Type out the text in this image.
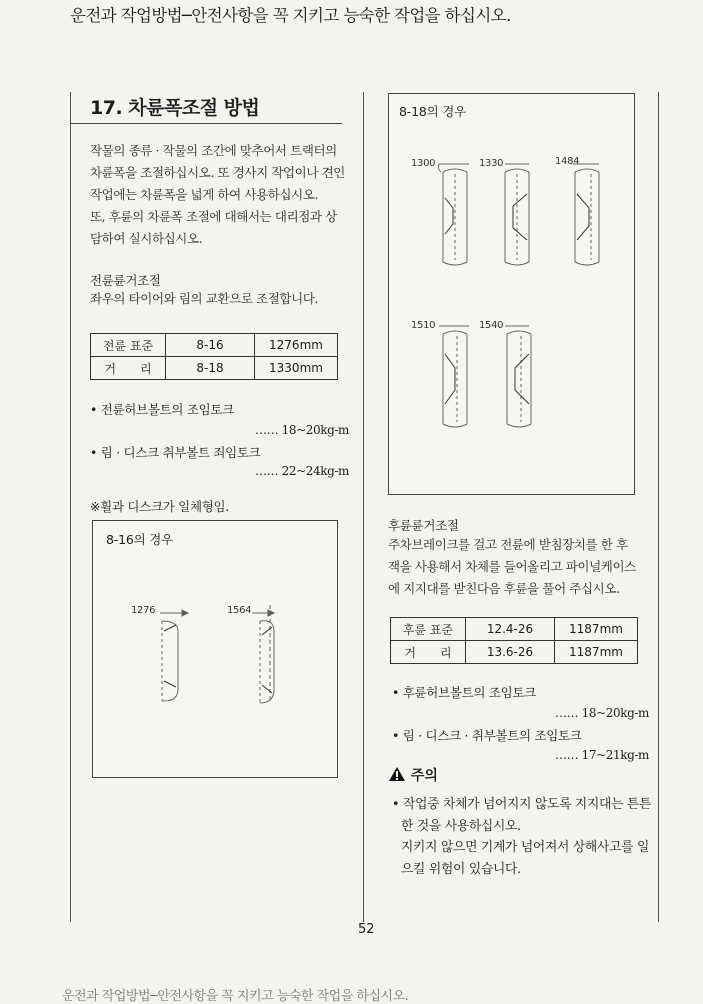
운전과 작업방법─안전사항을 꼭 지키고 능숙한 작업을 하십시오.
운전과 작업방법─안전사항을 꼭 지키고 능숙한 작업을 하십시오.
17. 차륜폭조절 방법
작물의 종류 · 작물의 조간에 맞추어서 트랙터의
차륜폭을 조절하십시오. 또 경사지 작업이나 견인
작업에는 차륜폭을 넓게 하여 사용하십시오.
또, 후륜의 차륜폭 조절에 대해서는 대리점과 상
담하여 실시하십시오.
전륜륜거조절
좌우의 타이어와 림의 교환으로 조절합니다.
전륜 표준	8-16	1276mm
거　　리	8-18	1330mm
• 전륜허브볼트의 조임토크
…… 18~20kg-m
• 림 · 디스크 취부볼트 죄임토크
…… 22~24kg-m
※휠과 디스크가 일체형임.
8-16의 경우
1276	1564
8-18의 경우
1300	1330	1484
1510	1540
후륜륜거조절
주차브레이크를 걸고 전륜에 받침장치를 한 후
잭을 사용해서 차체를 들어올리고 파이널케이스
에 지지대를 받친다음 후륜을 풀어 주십시오.
후륜 표준	12.4-26	1187mm
거　　리	13.6-26	1187mm
• 후륜허브볼트의 조임토크
…… 18~20kg-m
• 림 · 디스크 · 취부볼트의 조임토크
…… 17~21kg-m
주의
• 작업중 차체가 넘어지지 않도록 지지대는 튼튼
한 것을 사용하십시오.
지키지 않으면 기계가 넘어져서 상해사고를 일
으킬 위험이 있습니다.
52
